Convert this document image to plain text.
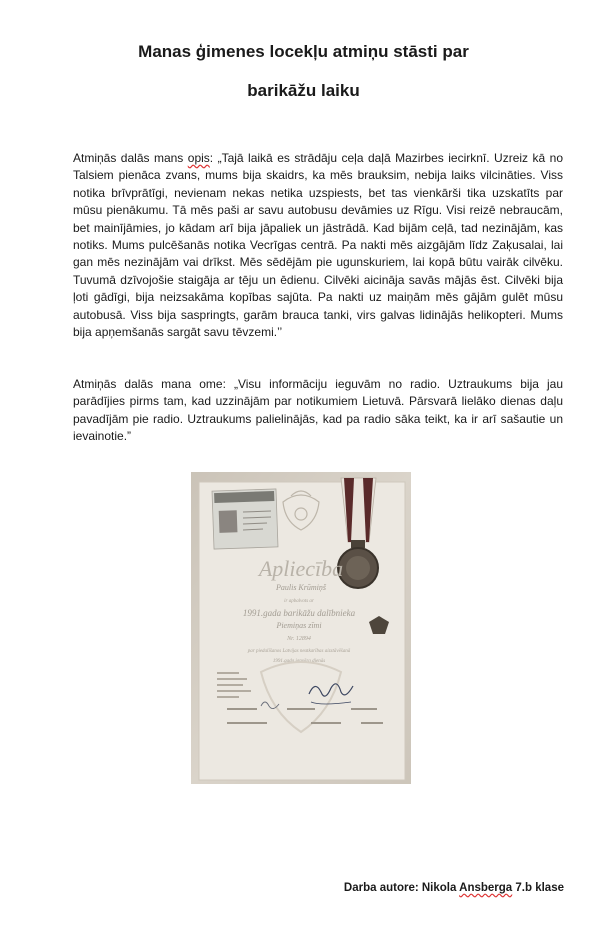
Manas ģimenes locekļu atmiņu stāsti par
barikāžu laiku

Atmiņās dalās mans opis: „Tajā laikā es strādāju ceļa daļā Mazirbes iecirknī. Uzreiz kā no Talsiem pienāca zvans, mums bija skaidrs, ka mēs brauksim, nebija laiks vilcināties. Viss notika brīvprātīgi, nevienam nekas netika uzspiests, bet tas vienkārši tika uzskatīts par mūsu pienākumu. Tā mēs paši ar savu autobusu devāmies uz Rīgu. Visi reizē nebraucām, bet mainījāmies, jo kādam arī bija jāpaliek un jāstrādā. Kad bijām ceļā, tad nezinājām, kas notiks. Mums pulcēšanās notika Vecrīgas centrā. Pa nakti mēs aizgājām līdz Zaķusalai, lai gan mēs nezinājām vai drīkst. Mēs sēdējām pie ugunskuriem, lai kopā būtu vairāk cilvēku. Tuvumā dzīvojošie staigāja ar tēju un ēdienu. Cilvēki aicināja savās mājās ēst. Cilvēki bija ļoti gādīgi, bija neizsakāma kopības sajūta. Pa nakti uz maiņām mēs gājām gulēt mūsu autobusā. Viss bija saspringts, garām brauca tanki, virs galvas lidinājās helikopteri. Mums bija apņemšanās sargāt savu tēvzemi.’’

Atmiņās dalās mana ome: „Visu informāciju ieguvām no radio. Uztraukums bija jau parādījies pirms tam, kad uzzinājām par notikumiem Lietuvā. Pārsvarā lielāko dienas daļu pavadījām pie radio. Uztraukums palielinājās, kad pa radio sāka teikt, ka ir arī sašautie un ievainotie.”

Apliecība
Paulis Krūmiņš
ir apbalvots ar
1991.gada barikāžu dalībnieka
Piemiņas zīmi
Nr. 12894
par piedalīšanos Latvijas neatkarības aizstāvēšanā
1991.gada janvāra dienās

Darba autore: Nikola Ansberga 7.b klase
